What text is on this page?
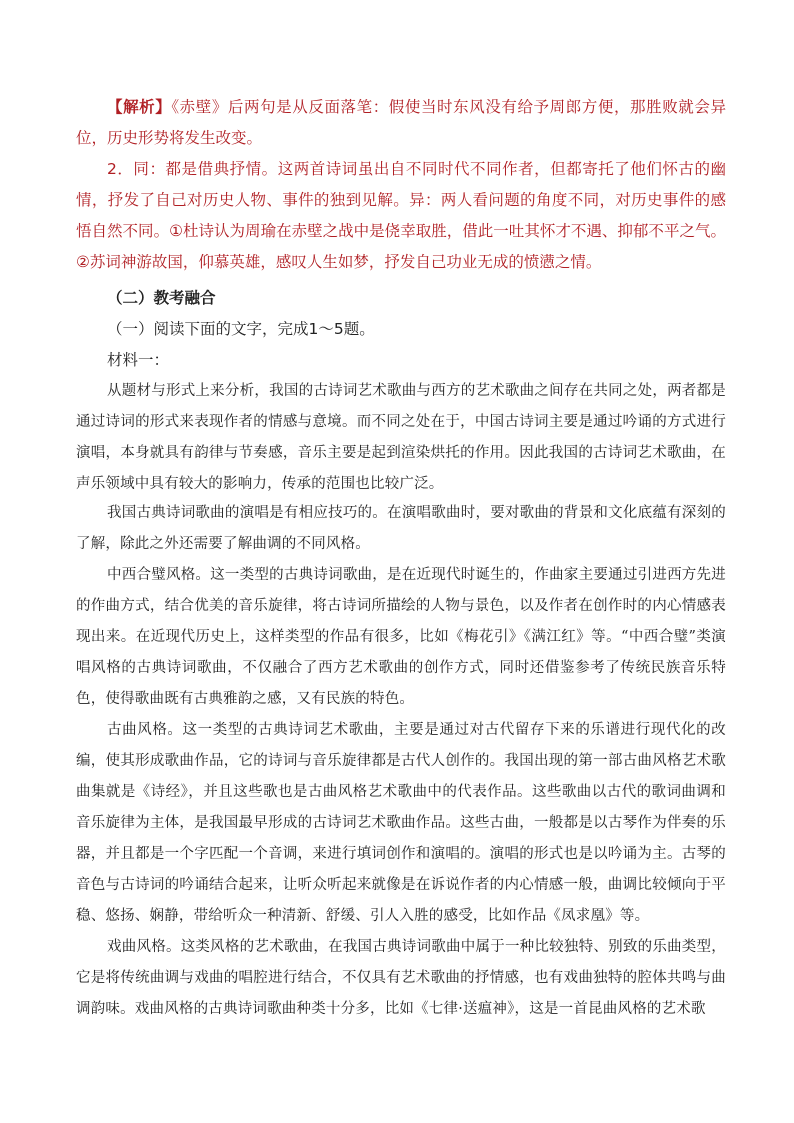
【解析】《赤壁》后两句是从反面落笔：假使当时东风没有给予周郎方便，那胜败就会异位，历史形势将发生改变。

2．同：都是借典抒情。这两首诗词虽出自不同时代不同作者，但都寄托了他们怀古的幽情，抒发了自己对历史人物、事件的独到见解。异：两人看问题的角度不同，对历史事件的感悟自然不同。①杜诗认为周瑜在赤壁之战中是侥幸取胜，借此一吐其怀才不遇、抑郁不平之气。②苏词神游故国，仰慕英雄，感叹人生如梦，抒发自己功业无成的愤懑之情。

（二）教考融合

（一）阅读下面的文字，完成1～5题。

材料一：

从题材与形式上来分析，我国的古诗词艺术歌曲与西方的艺术歌曲之间存在共同之处，两者都是通过诗词的形式来表现作者的情感与意境。而不同之处在于，中国古诗词主要是通过吟诵的方式进行演唱，本身就具有韵律与节奏感，音乐主要是起到渲染烘托的作用。因此我国的古诗词艺术歌曲，在声乐领域中具有较大的影响力，传承的范围也比较广泛。

我国古典诗词歌曲的演唱是有相应技巧的。在演唱歌曲时，要对歌曲的背景和文化底蕴有深刻的了解，除此之外还需要了解曲调的不同风格。

中西合璧风格。这一类型的古典诗词歌曲，是在近现代时诞生的，作曲家主要通过引进西方先进的作曲方式，结合优美的音乐旋律，将古诗词所描绘的人物与景色，以及作者在创作时的内心情感表现出来。在近现代历史上，这样类型的作品有很多，比如《梅花引》《满江红》等。“中西合璧”类演唱风格的古典诗词歌曲，不仅融合了西方艺术歌曲的创作方式，同时还借鉴参考了传统民族音乐特色，使得歌曲既有古典雅韵之感，又有民族的特色。

古曲风格。这一类型的古典诗词艺术歌曲，主要是通过对古代留存下来的乐谱进行现代化的改编，使其形成歌曲作品，它的诗词与音乐旋律都是古代人创作的。我国出现的第一部古曲风格艺术歌曲集就是《诗经》，并且这些歌也是古曲风格艺术歌曲中的代表作品。这些歌曲以古代的歌词曲调和音乐旋律为主体，是我国最早形成的古诗词艺术歌曲作品。这些古曲，一般都是以古琴作为伴奏的乐器，并且都是一个字匹配一个音调，来进行填词创作和演唱的。演唱的形式也是以吟诵为主。古琴的音色与古诗词的吟诵结合起来，让听众听起来就像是在诉说作者的内心情感一般，曲调比较倾向于平稳、悠扬、娴静，带给听众一种清新、舒缓、引人入胜的感受，比如作品《凤求凰》等。

戏曲风格。这类风格的艺术歌曲，在我国古典诗词歌曲中属于一种比较独特、别致的乐曲类型，它是将传统曲调与戏曲的唱腔进行结合，不仅具有艺术歌曲的抒情感，也有戏曲独特的腔体共鸣与曲调韵味。戏曲风格的古典诗词歌曲种类十分多，比如《七律·送瘟神》，这是一首昆曲风格的艺术歌
